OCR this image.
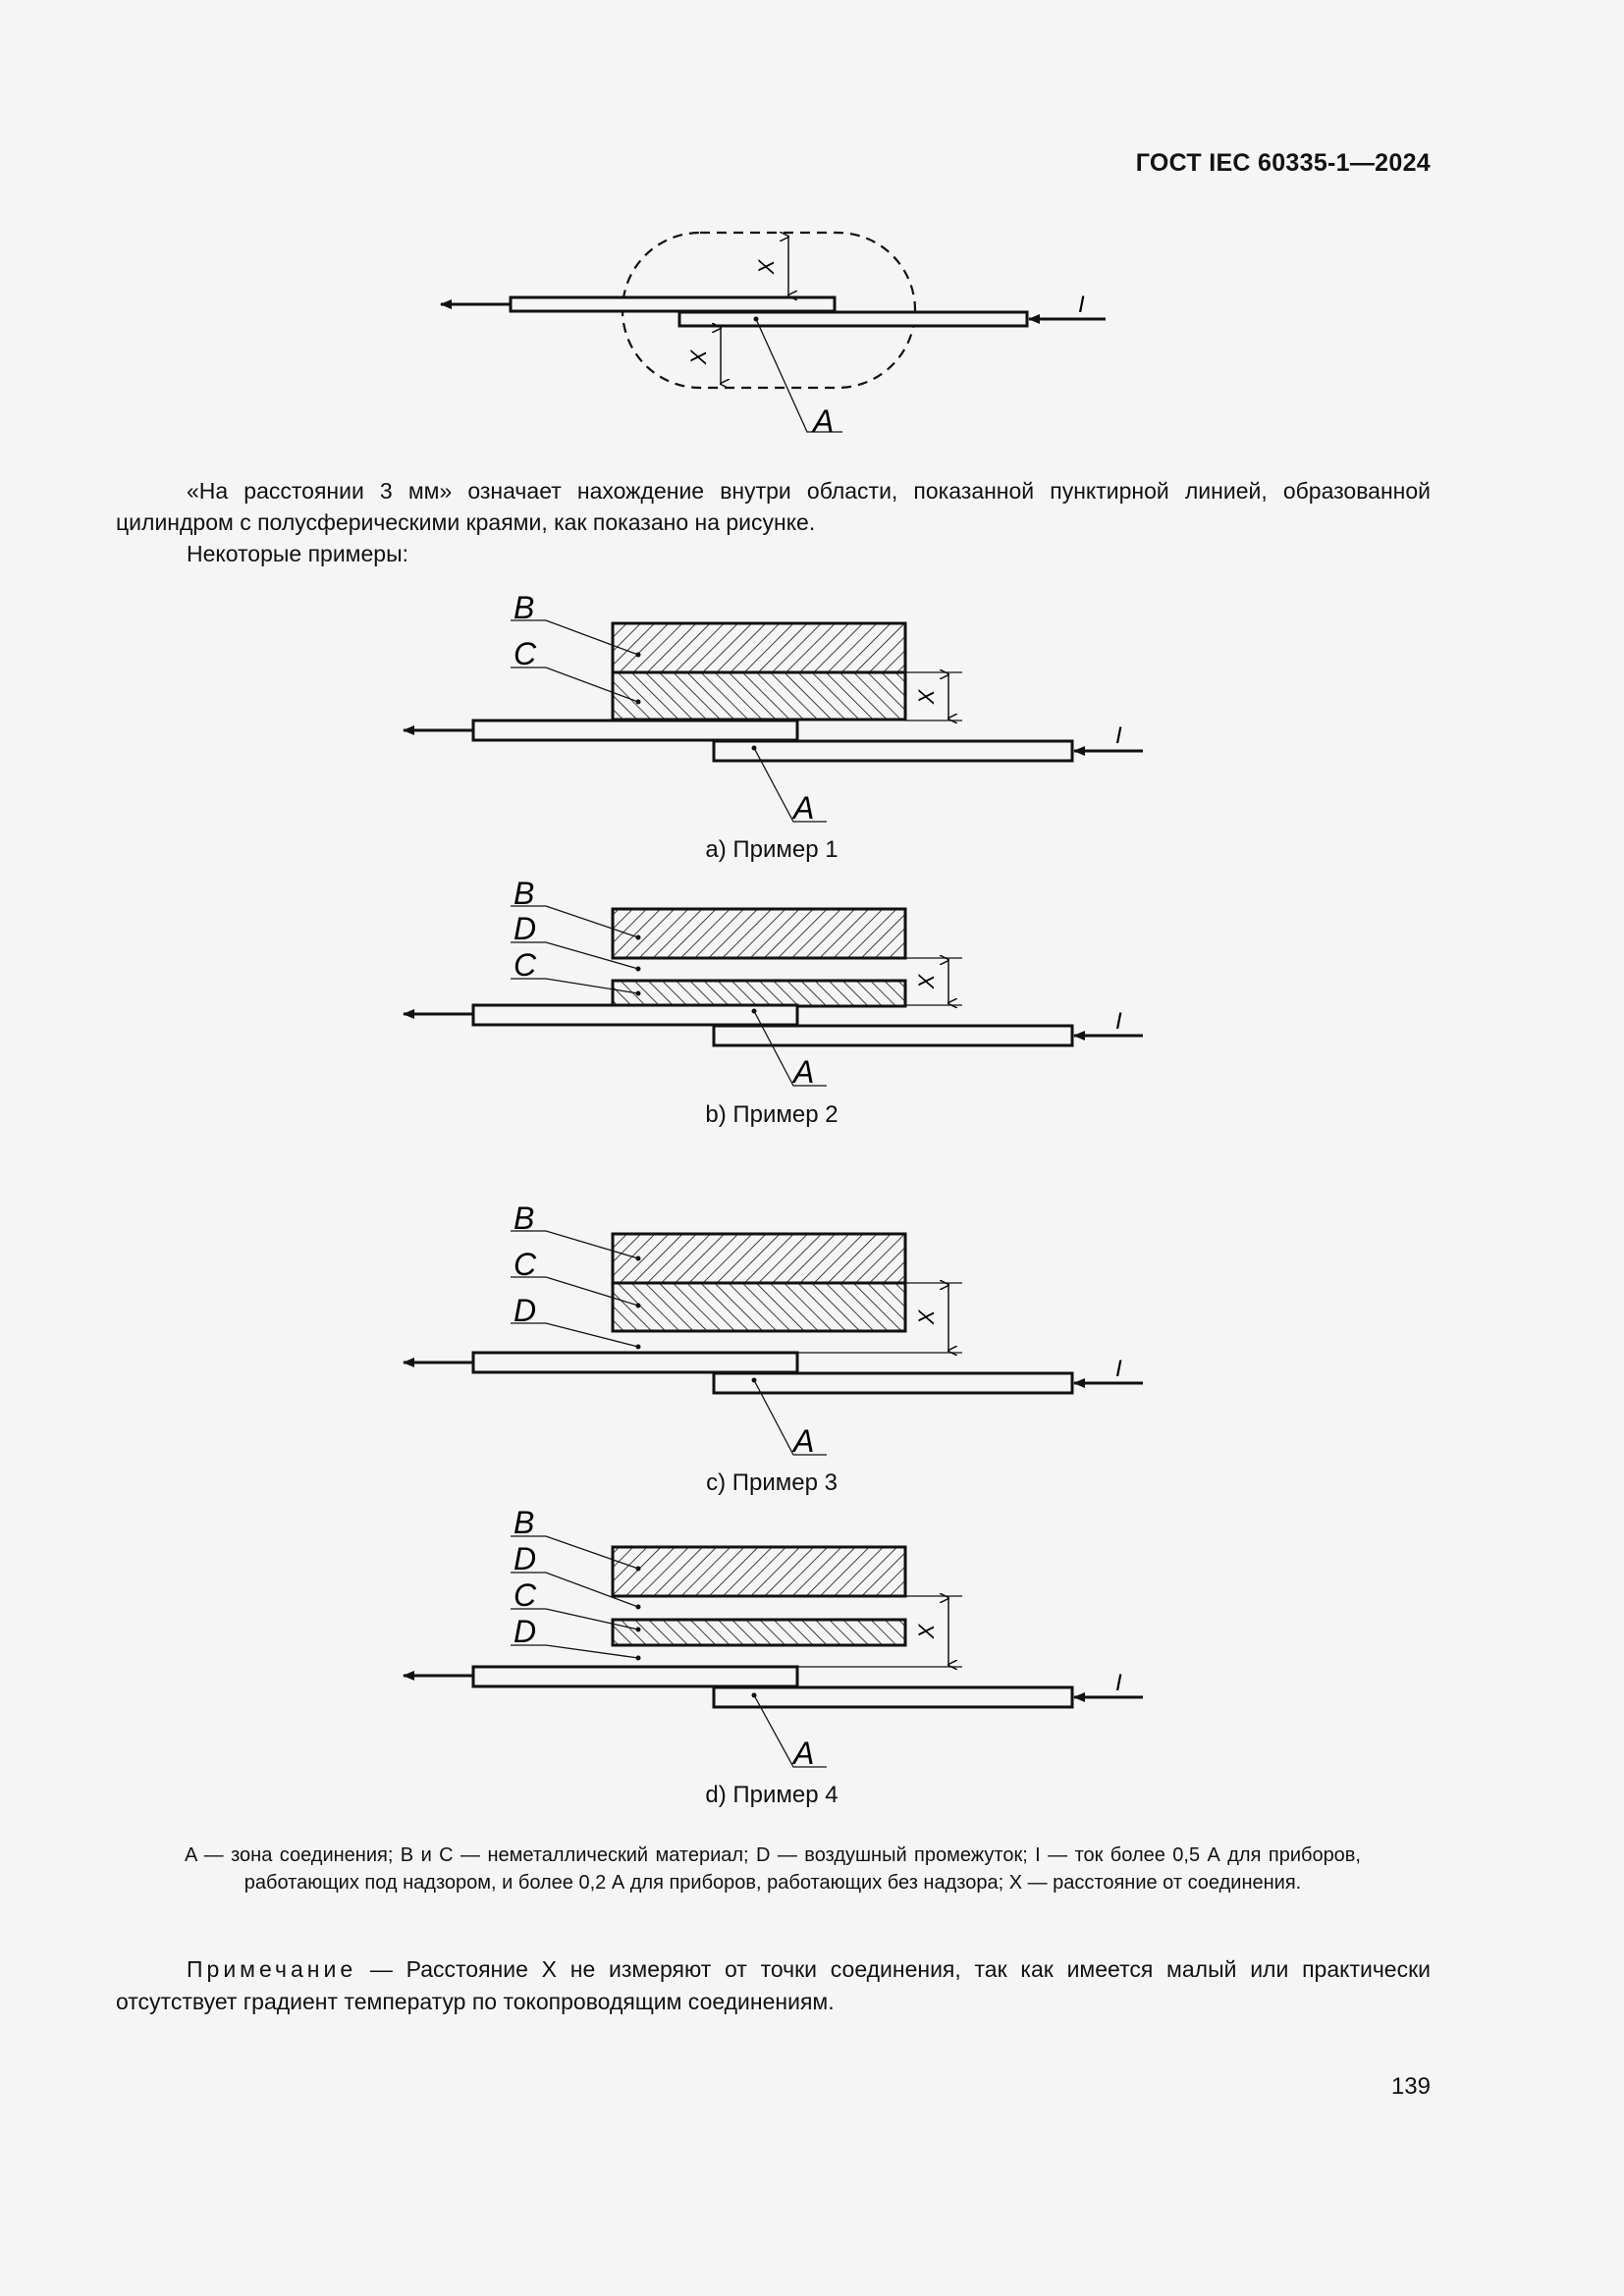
ГОСТ IEC 60335-1—2024
X
X
I
A
X
I
B
C
A
X
I
B
D
C
A
X
I
B
C
D
A
X
I
B
D
C
D
A
«На расстоянии 3 мм» означает нахождение внутри области, показанной пунктирной линией, образованной цилиндром с полусферическими краями, как показано на рисунке.
Некоторые примеры:
a) Пример 1
b) Пример 2
c) Пример 3
d) Пример 4
A — зона соединения; B и C — неметаллический материал; D — воздушный промежуток; I — ток более 0,5 А для приборов, работающих под надзором, и более 0,2 А для приборов, работающих без надзора; X — расстояние от соединения.
Примечание — Расстояние X не измеряют от точки соединения, так как имеется малый или практически отсутствует градиент температур по токопроводящим соединениям.
139
